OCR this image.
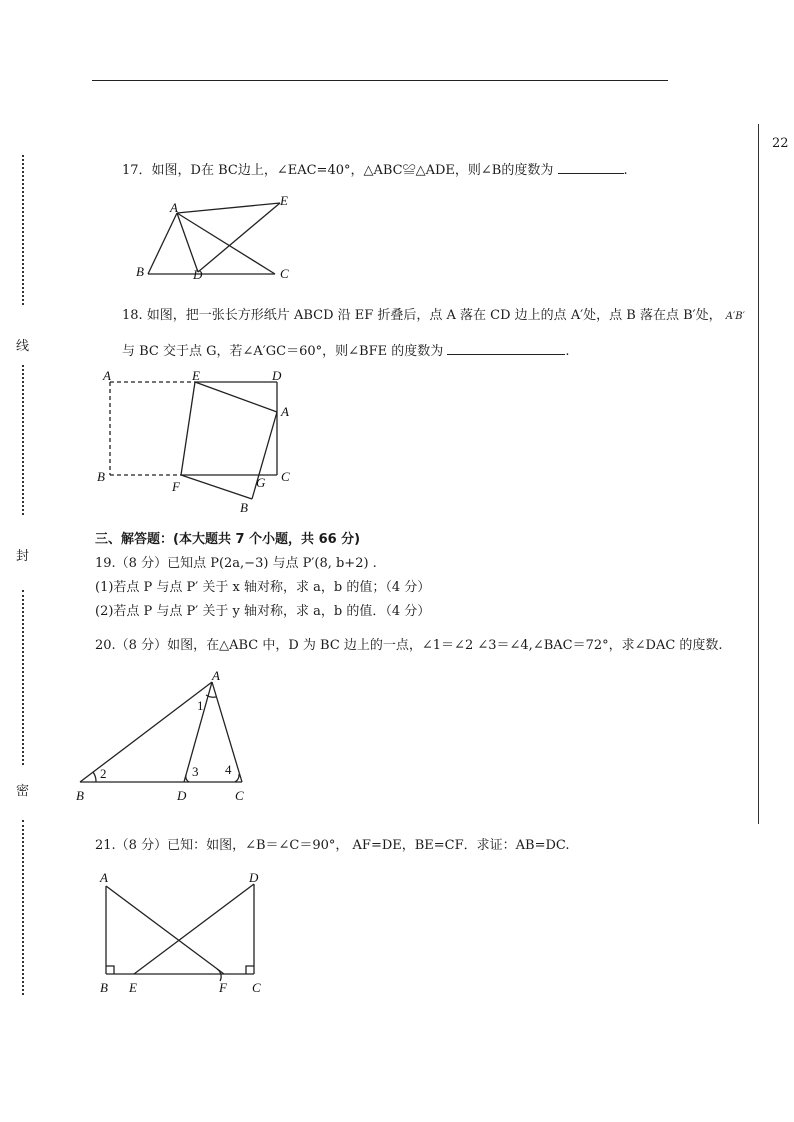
22
线
封
密
17．如图，D在 BC边上，∠EAC=40°，△ABC≌△ADE，则∠B的度数为	.
A
B	C
D
E
18. 如图，把一张长方形纸片 ABCD 沿 EF 折叠后，点 A 落在 CD 边上的点 A′处，点 B 落在点 B′处， A′B′
与 BC 交于点 G，若∠A′GC＝60°，则∠BFE 的度数为	.
A	E	D
A
B	C
F	G
B
三、解答题：(本大题共 7 个小题，共 66 分)
19.（8 分）已知点 P(2a,−3) 与点 P′(8, b+2) .
(1)若点 P 与点 P′ 关于 x 轴对称，求 a，b 的值；（4 分）
(2)若点 P 与点 P′ 关于 y 轴对称，求 a，b 的值．（4 分）
20.（8 分）如图，在△ABC 中，D 为 BC 边上的一点，∠1＝∠2 ∠3＝∠4,∠BAC＝72°，求∠DAC 的度数.
A
B	D	C
1
2	3 4
21.（8 分）已知：如图，∠B＝∠C＝90°， AF=DE，BE=CF．求证：AB=DC.
A	D
B E	F C
